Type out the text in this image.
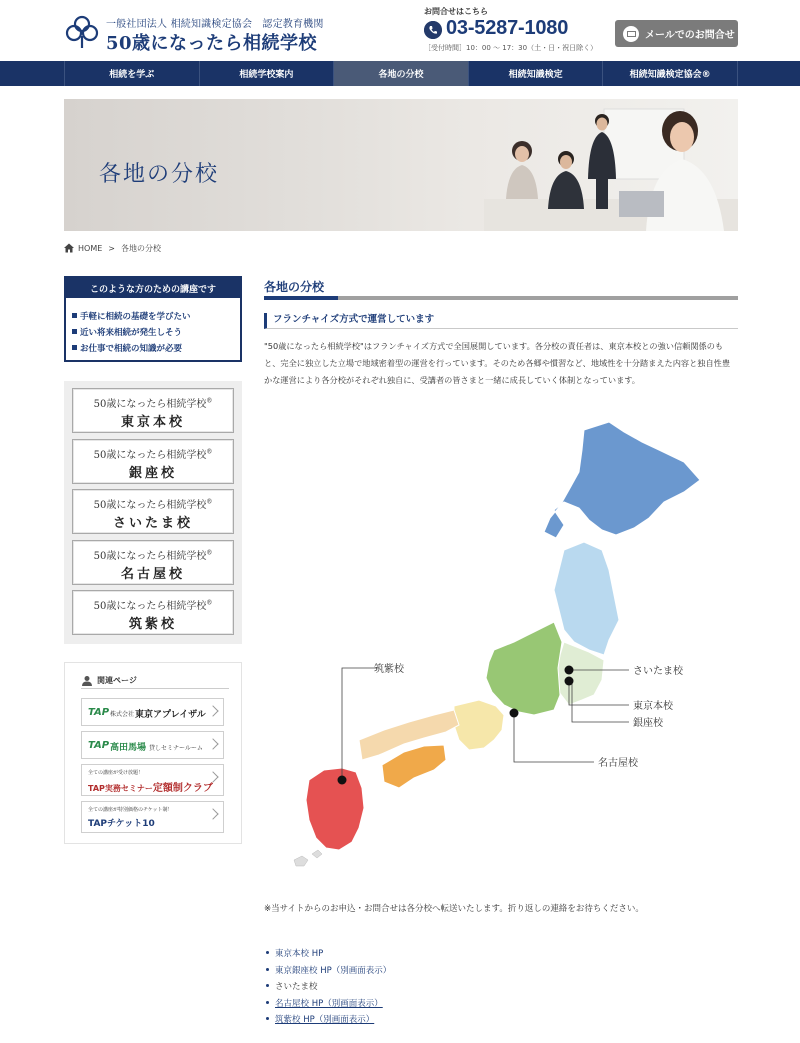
一般社団法人 相続知識検定協会　認定教育機関
50歳になったら相続学校
お問合せはこちら
03-5287-1080
［受付時間］10：00 ～ 17：30（土・日・祝日除く）
メールでのお問合せ
相続を学ぶ	相続学校案内	各地の分校	相続知識検定	相続知識検定協会®
各地の分校
HOME > 各地の分校
このような方のための講座です
手軽に相続の基礎を学びたい
近い将来相続が発生しそう
お仕事で相続の知識が必要
50歳になったら相続学校®
東京本校
50歳になったら相続学校®
銀座校
50歳になったら相続学校®
さいたま校
50歳になったら相続学校®
名古屋校
50歳になったら相続学校®
筑紫校
関連ページ
TAP 株式会社 東京アプレイザル
TAP 高田馬場 貸しセミナールーム
全ての講座が受け放題！
TAP実務セミナー定額制クラブ
全ての講座が特別価格のチケット制！
TAPチケット10
各地の分校
フランチャイズ方式で運営しています
"50歳になったら相続学校"はフランチャイズ方式で全国展開しています。各分校の責任者は、東京本校との強い信頼関係のもと、完全に独立した立場で地域密着型の運営を行っています。そのため各郷や慣習など、地域性を十分踏まえた内容と独自性豊かな運営により各分校がそれぞれ独自に、受講者の皆さまと一緒に成長していく体制となっています。
筑紫校	さいたま校
東京本校
銀座校
名古屋校
※当サイトからのお申込・お問合せは各分校へ転送いたします。折り返しの連絡をお待ちください。
東京本校 HP
東京銀座校 HP（別画面表示）
さいたま校
名古屋校 HP（別画面表示）
筑紫校 HP（別画面表示）
